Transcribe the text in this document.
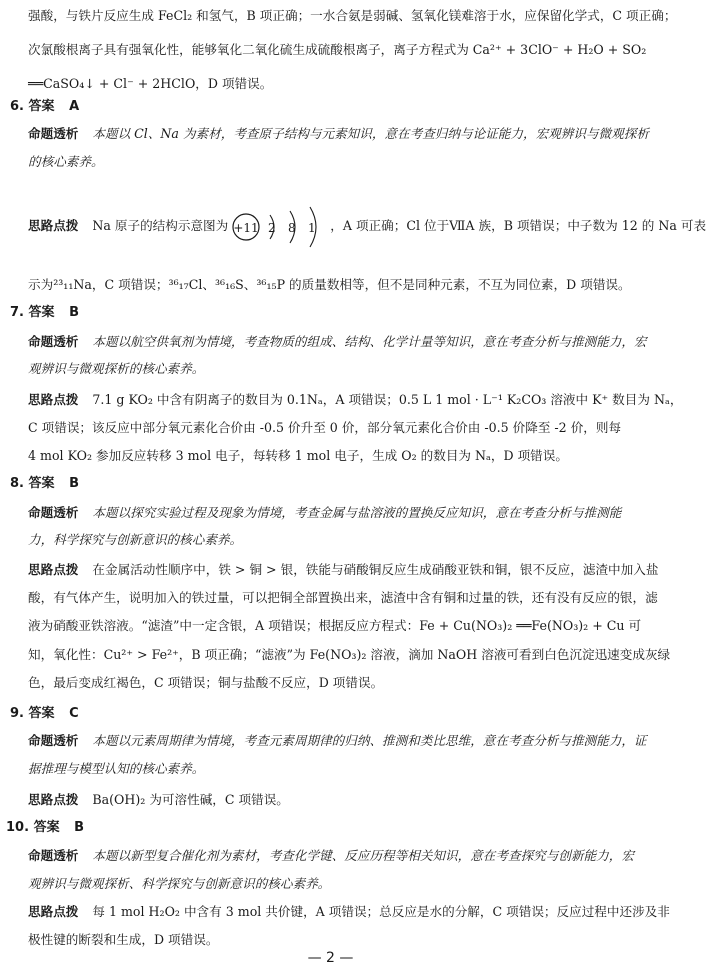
强酸，与铁片反应生成 FeCl₂ 和氢气，B 项正确；一水合氨是弱碱、氢氧化镁难溶于水，应保留化学式，C 项正确；
次氯酸根离子具有强氧化性，能够氧化二氧化硫生成硫酸根离子，离子方程式为 Ca²⁺ + 3ClO⁻ + H₂O + SO₂
══CaSO₄↓ + Cl⁻ + 2HClO，D 项错误。
6. 答案 A
命题透析 本题以 Cl、Na 为素材，考查原子结构与元素知识，意在考查归纳与论证能力，宏观辨识与微观探析
的核心素养。
思路点拨 Na 原子的结构示意图为 +11 2 8 1 ，A 项正确；Cl 位于ⅦA 族，B 项错误；中子数为 12 的 Na 可表
示为²³₁₁Na，C 项错误；³⁶₁₇Cl、³⁶₁₆S、³⁶₁₅P 的质量数相等，但不是同种元素，不互为同位素，D 项错误。
7. 答案 B
命题透析 本题以航空供氧剂为情境，考查物质的组成、结构、化学计量等知识，意在考查分析与推测能力，宏
观辨识与微观探析的核心素养。
思路点拨 7.1 g KO₂ 中含有阴离子的数目为 0.1Nₐ，A 项错误；0.5 L 1 mol · L⁻¹ K₂CO₃ 溶液中 K⁺ 数目为 Nₐ，
C 项错误；该反应中部分氧元素化合价由 -0.5 价升至 0 价，部分氧元素化合价由 -0.5 价降至 -2 价，则每
4 mol KO₂ 参加反应转移 3 mol 电子，每转移 1 mol 电子，生成 O₂ 的数目为 Nₐ，D 项错误。
8. 答案 B
命题透析 本题以探究实验过程及现象为情境，考查金属与盐溶液的置换反应知识，意在考查分析与推测能
力，科学探究与创新意识的核心素养。
思路点拨 在金属活动性顺序中，铁 > 铜 > 银，铁能与硝酸铜反应生成硝酸亚铁和铜，银不反应，滤渣中加入盐
酸，有气体产生，说明加入的铁过量，可以把铜全部置换出来，滤渣中含有铜和过量的铁，还有没有反应的银，滤
液为硝酸亚铁溶液。“滤渣”中一定含银，A 项错误；根据反应方程式：Fe + Cu(NO₃)₂ ══Fe(NO₃)₂ + Cu 可
知，氧化性：Cu²⁺ > Fe²⁺，B 项正确；“滤液”为 Fe(NO₃)₂ 溶液，滴加 NaOH 溶液可看到白色沉淀迅速变成灰绿
色，最后变成红褐色，C 项错误；铜与盐酸不反应，D 项错误。
9. 答案 C
命题透析 本题以元素周期律为情境，考查元素周期律的归纳、推测和类比思维，意在考查分析与推测能力，证
据推理与模型认知的核心素养。
思路点拨 Ba(OH)₂ 为可溶性碱，C 项错误。
10. 答案 B
命题透析 本题以新型复合催化剂为素材，考查化学键、反应历程等相关知识，意在考查探究与创新能力，宏
观辨识与微观探析、科学探究与创新意识的核心素养。
思路点拨 每 1 mol H₂O₂ 中含有 3 mol 共价键，A 项错误；总反应是水的分解，C 项错误；反应过程中还涉及非
极性键的断裂和生成，D 项错误。
— 2 —
